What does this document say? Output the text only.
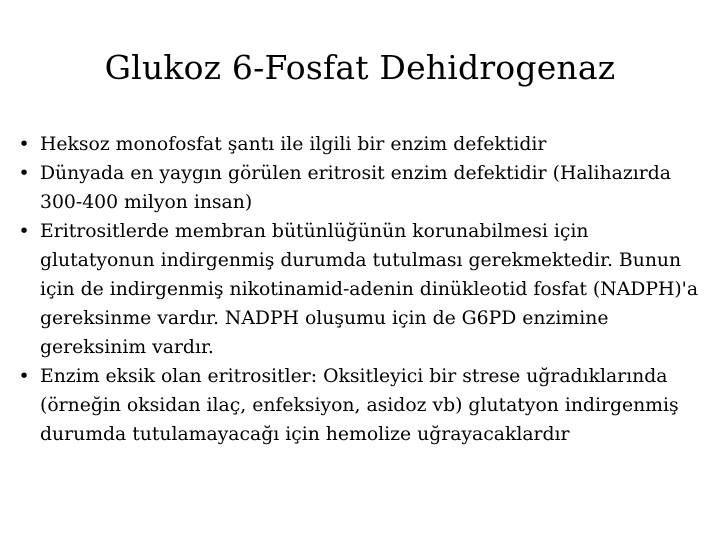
Glukoz 6-Fosfat Dehidrogenaz
• Heksoz monofosfat şantı ile ilgili bir enzim defektidir
• Dünyada en yaygın görülen eritrosit enzim defektidir (Halihazırda 300-400 milyon insan)
• Eritrositlerde membran bütünlüğünün korunabilmesi için glutatyonun indirgenmiş durumda tutulması gerekmektedir. Bunun için de indirgenmiş nikotinamid-adenin dinükleotid fosfat (NADPH)'a gereksinme vardır. NADPH oluşumu için de G6PD enzimine gereksinim vardır.
• Enzim eksik olan eritrositler: Oksitleyici bir strese uğradıklarında (örneğin oksidan ilaç, enfeksiyon, asidoz vb) glutatyon indirgenmiş durumda tutulamayacağı için hemolize uğrayacaklardır
